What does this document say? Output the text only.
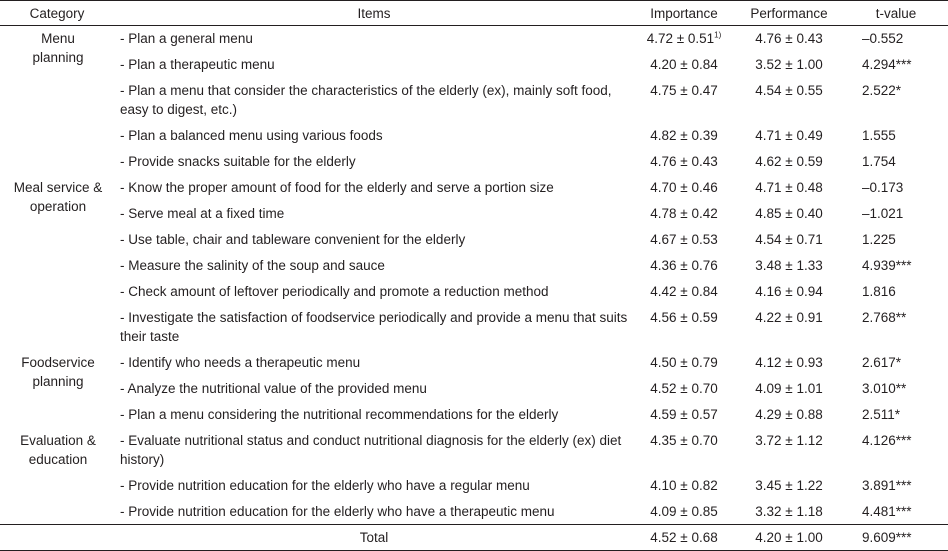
Category	Items	Importance	Performance	t-value
Menu planning	- Plan a general menu	$4.72 \pm 0.51^{1)}$	4.76 ± 0.43	–0.552
	- Plan a therapeutic menu	4.20 ± 0.84	3.52 ± 1.00	4.294***
	- Plan a menu that consider the characteristics of the elderly (ex), mainly soft food, easy to digest, etc.)	4.75 ± 0.47	4.54 ± 0.55	2.522*
	- Plan a balanced menu using various foods	4.82 ± 0.39	4.71 ± 0.49	1.555
	- Provide snacks suitable for the elderly	4.76 ± 0.43	4.62 ± 0.59	1.754
Meal service & operation	- Know the proper amount of food for the elderly and serve a portion size	4.70 ± 0.46	4.71 ± 0.48	–0.173
	- Serve meal at a fixed time	4.78 ± 0.42	4.85 ± 0.40	–1.021
	- Use table, chair and tableware convenient for the elderly	4.67 ± 0.53	4.54 ± 0.71	1.225
	- Measure the salinity of the soup and sauce	4.36 ± 0.76	3.48 ± 1.33	4.939***
	- Check amount of leftover periodically and promote a reduction method	4.42 ± 0.84	4.16 ± 0.94	1.816
	- Investigate the satisfaction of foodservice periodically and provide a menu that suits their taste	4.56 ± 0.59	4.22 ± 0.91	2.768**
Foodservice planning	- Identify who needs a therapeutic menu	4.50 ± 0.79	4.12 ± 0.93	2.617*
	- Analyze the nutritional value of the provided menu	4.52 ± 0.70	4.09 ± 1.01	3.010**
	- Plan a menu considering the nutritional recommendations for the elderly	4.59 ± 0.57	4.29 ± 0.88	2.511*
Evaluation & education	- Evaluate nutritional status and conduct nutritional diagnosis for the elderly (ex) diet history)	4.35 ± 0.70	3.72 ± 1.12	4.126***
	- Provide nutrition education for the elderly who have a regular menu	4.10 ± 0.82	3.45 ± 1.22	3.891***
	- Provide nutrition education for the elderly who have a therapeutic menu	4.09 ± 0.85	3.32 ± 1.18	4.481***
	Total	4.52 ± 0.68	4.20 ± 1.00	9.609***
